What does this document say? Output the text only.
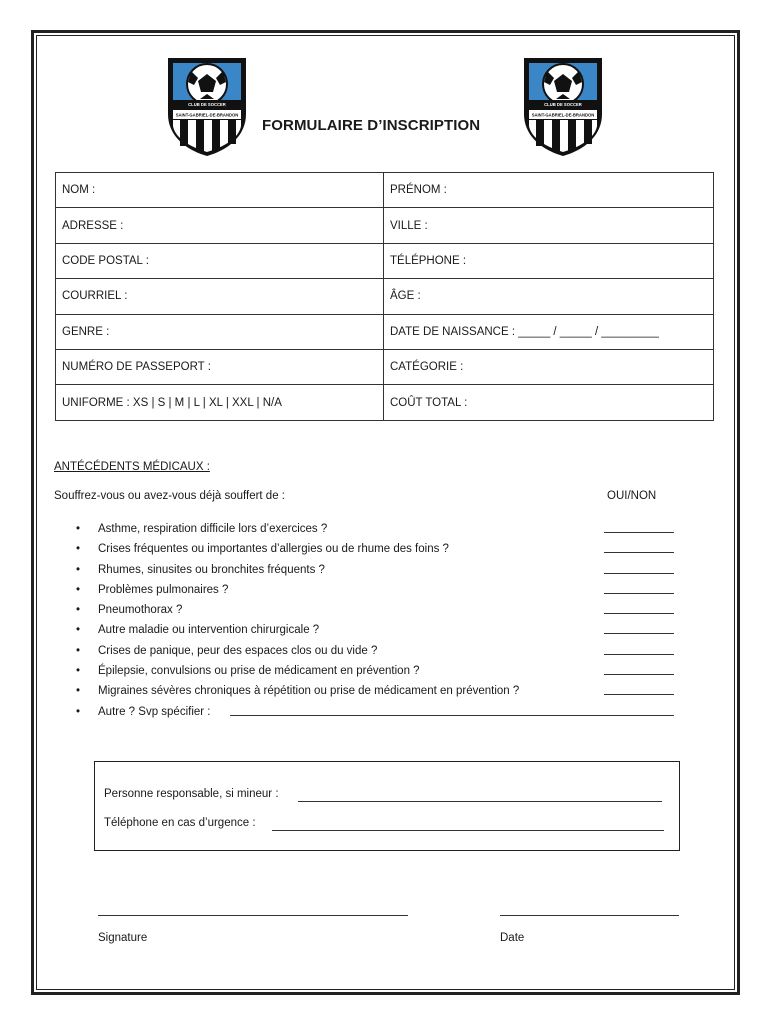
CLUB DE SOCCER
SAINT-GABRIEL-DE-BRANDON
CLUB DE SOCCER
SAINT-GABRIEL-DE-BRANDON
FORMULAIRE D’INSCRIPTION
NOM :	PRÉNOM :
ADRESSE :	VILLE :
CODE POSTAL :	TÉLÉPHONE :
COURRIEL :	ÂGE :
GENRE :	DATE DE NAISSANCE : _____ / _____ / _________
NUMÉRO DE PASSEPORT :	CATÉGORIE :
UNIFORME : XS | S | M | L | XL | XXL | N/A	COÛT TOTAL :
ANTÉCÉDENTS MÉDICAUX :
Souffrez-vous ou avez-vous déjà souffert de :	OUI/NON
• Asthme, respiration difficile lors d’exercices ?
• Crises fréquentes ou importantes d’allergies ou de rhume des foins ?
• Rhumes, sinusites ou bronchites fréquents ?
• Problèmes pulmonaires ?
• Pneumothorax ?
• Autre maladie ou intervention chirurgicale ?
• Crises de panique, peur des espaces clos ou du vide ?
• Épilepsie, convulsions ou prise de médicament en prévention ?
• Migraines sévères chroniques à répétition ou prise de médicament en prévention ?
• Autre ? Svp spécifier :
Personne responsable, si mineur :
Téléphone en cas d’urgence :
Signature	Date
